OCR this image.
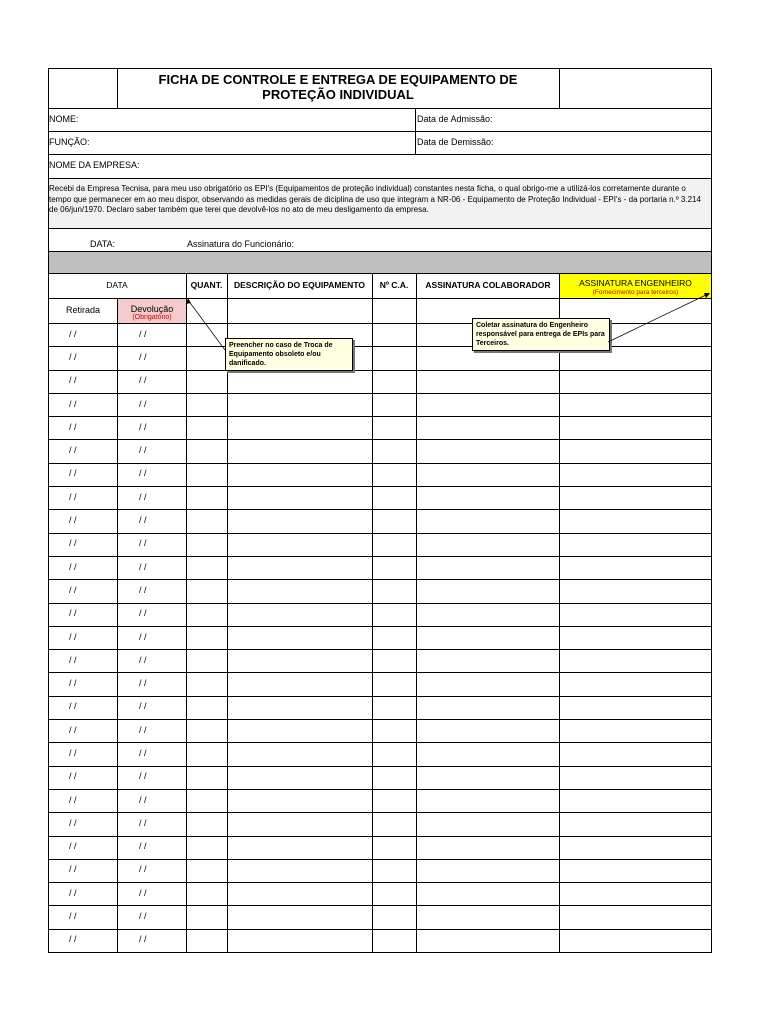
FICHA DE CONTROLE E ENTREGA DE EQUIPAMENTO DE
PROTEÇÃO INDIVIDUAL
NOME:	Data de Admissão:
FUNÇÃO:	Data de Demissão:
NOME DA EMPRESA:
Recebi da Empresa Tecnisa, para meu uso obrigatório os EPI's (Equipamentos de proteção individual) constantes nesta ficha, o qual obrigo-me a utilizá-los corretamente durante o tempo que permanecer em ao meu dispor, observando as medidas gerais de diciplina de uso que integram a NR-06 - Equipamento de Proteção Individual - EPI's - da portaria n.º 3.214 de 06/jun/1970. Declaro saber também que terei que devolvê-los no ato de meu desligamento da empresa.
DATA:	Assinatura do Funcionário:
DATA	QUANT.	DESCRIÇÃO DO EQUIPAMENTO	Nº C.A.	ASSINATURA COLABORADOR	ASSINATURA ENGENHEIRO
(Fornecimento para terceiros)
Retirada	Devolução
(Obrigatório)
/ /	/ /
/ /	/ /
/ /	/ /
/ /	/ /
/ /	/ /
/ /	/ /
/ /	/ /
/ /	/ /
/ /	/ /
/ /	/ /
/ /	/ /
/ /	/ /
/ /	/ /
/ /	/ /
/ /	/ /
/ /	/ /
/ /	/ /
/ /	/ /
/ /	/ /
/ /	/ /
/ /	/ /
/ /	/ /
/ /	/ /
/ /	/ /
/ /	/ /
/ /	/ /
/ /	/ /
Preencher no caso de Troca de Equipamento obsoleto e/ou danificado.
Coletar assinatura do Engenheiro responsável para entrega de EPIs para Terceiros.
